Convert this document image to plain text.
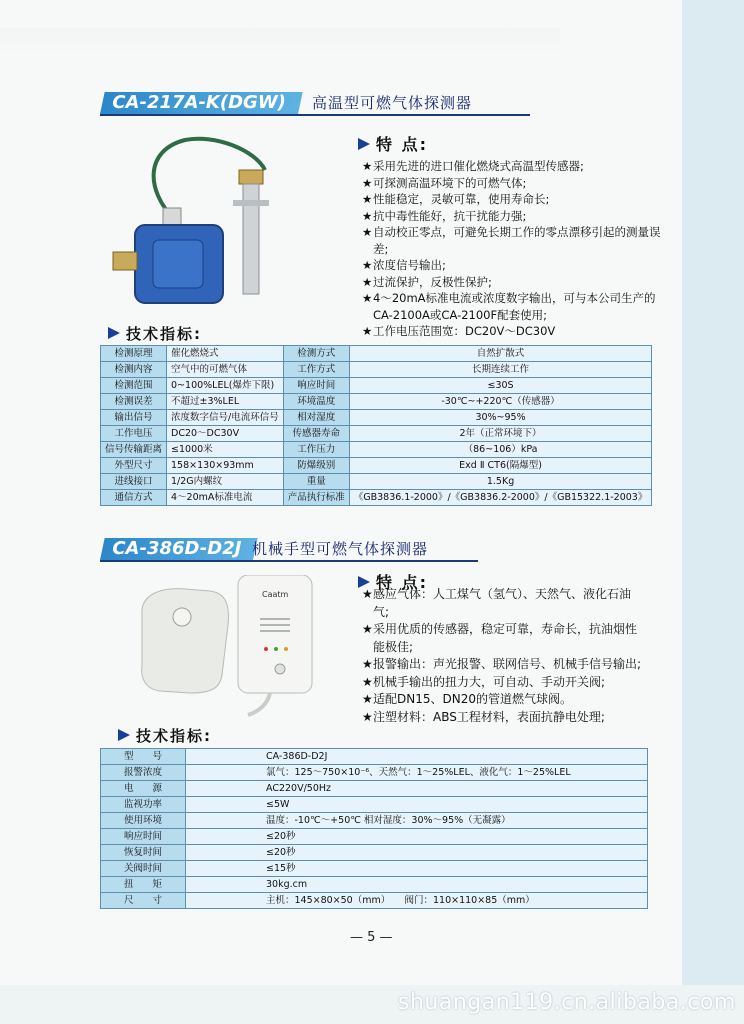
CA-217A-K(DGW)	高温型可燃气体探测器
特 点:
★采用先进的进口催化燃烧式高温型传感器;
★可探测高温环境下的可燃气体;
★性能稳定，灵敏可靠，使用寿命长;
★抗中毒性能好，抗干扰能力强;
★自动校正零点，可避免长期工作的零点漂移引起的测量误差;
★浓度信号输出;
★过流保护，反极性保护;
★4～20mA标准电流或浓度数字输出，可与本公司生产的CA-2100A或CA-2100F配套使用;
★工作电压范围宽：DC20V～DC30V
技术指标:
检测原理	催化燃烧式	检测方式	自然扩散式
检测内容	空气中的可燃气体	工作方式	长期连续工作
检测范围	0~100%LEL(爆炸下限)	响应时间	≤30S
检测误差	不超过±3%LEL	环境温度	-30℃~+220℃（传感器）
输出信号	浓度数字信号/电流环信号	相对湿度	30%~95%
工作电压	DC20～DC30V	传感器寿命	2年（正常环境下）
信号传输距离	≤1000米	工作压力	（86~106）kPa
外型尺寸	158×130×93mm	防爆级别	Exd Ⅱ CT6(隔爆型)
进线接口	1/2G内螺纹	重量	1.5Kg
通信方式	4～20mA标准电流	产品执行标准	《GB3836.1-2000》/《GB3836.2-2000》/《GB15322.1-2003》
CA-386D-D2J 机械手型可燃气体探测器
Caatm
特 点:
★感应气体：人工煤气（氢气）、天然气、液化石油气;
★采用优质的传感器，稳定可靠，寿命长，抗油烟性能极佳;
★报警输出：声光报警、联网信号、机械手信号输出;
★机械手输出的扭力大，可自动、手动开关阀;
★适配DN15、DN20的管道燃气球阀。
★注塑材料：ABS工程材料，表面抗静电处理;
技术指标:
型　　号	CA-386D-D2J
报警浓度	氯气：125～750×10⁻⁶、天然气：1～25%LEL、液化气：1～25%LEL
电　　源	AC220V/50Hz
监视功率	≤5W
使用环境	温度：-10℃～+50℃ 相对湿度：30%～95%（无凝露）
响应时间	≤20秒
恢复时间	≤20秒
关阀时间	≤15秒
扭　　矩	30kg.cm
尺　　寸	主机：145×80×50（mm）　　阀门：110×110×85（mm）
— 5 —
shuangan119.cn.alibaba.com
